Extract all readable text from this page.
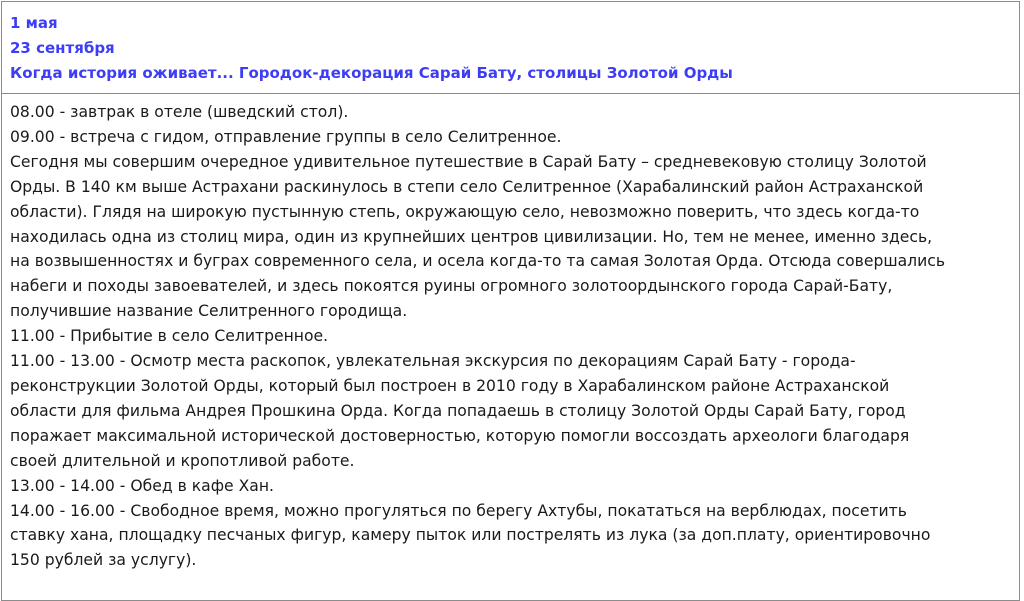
1 мая
23 сентября
Когда история оживает... Городок-декорация Сарай Бату, столицы Золотой Орды
08.00 - завтрак в отеле (шведский стол).
09.00 - встреча с гидом, отправление группы в село Селитренное.
Сегодня мы совершим очередное удивительное путешествие в Сарай Бату – средневековую столицу Золотой
Орды. В 140 км выше Астрахани раскинулось в степи село Селитренное (Харабалинский район Астраханской
области). Глядя на широкую пустынную степь, окружающую село, невозможно поверить, что здесь когда-то
находилась одна из столиц мира, один из крупнейших центров цивилизации. Но, тем не менее, именно здесь,
на возвышенностях и буграх современного села, и осела когда-то та самая Золотая Орда. Отсюда совершались
набеги и походы завоевателей, и здесь покоятся руины огромного золотоордынского города Сарай-Бату,
получившие название Селитренного городища.
11.00 - Прибытие в село Селитренное.
11.00 - 13.00 - Осмотр места раскопок, увлекательная экскурсия по декорациям Сарай Бату - города-
реконструкции Золотой Орды, который был построен в 2010 году в Харабалинском районе Астраханской
области для фильма Андрея Прошкина Орда. Когда попадаешь в столицу Золотой Орды Сарай Бату, город
поражает максимальной исторической достоверностью, которую помогли воссоздать археологи благодаря
своей длительной и кропотливой работе.
13.00 - 14.00 - Обед в кафе Хан.
14.00 - 16.00 - Свободное время, можно прогуляться по берегу Ахтубы, покататься на верблюдах, посетить
ставку хана, площадку песчаных фигур, камеру пыток или пострелять из лука (за доп.плату, ориентировочно
150 рублей за услугу).
